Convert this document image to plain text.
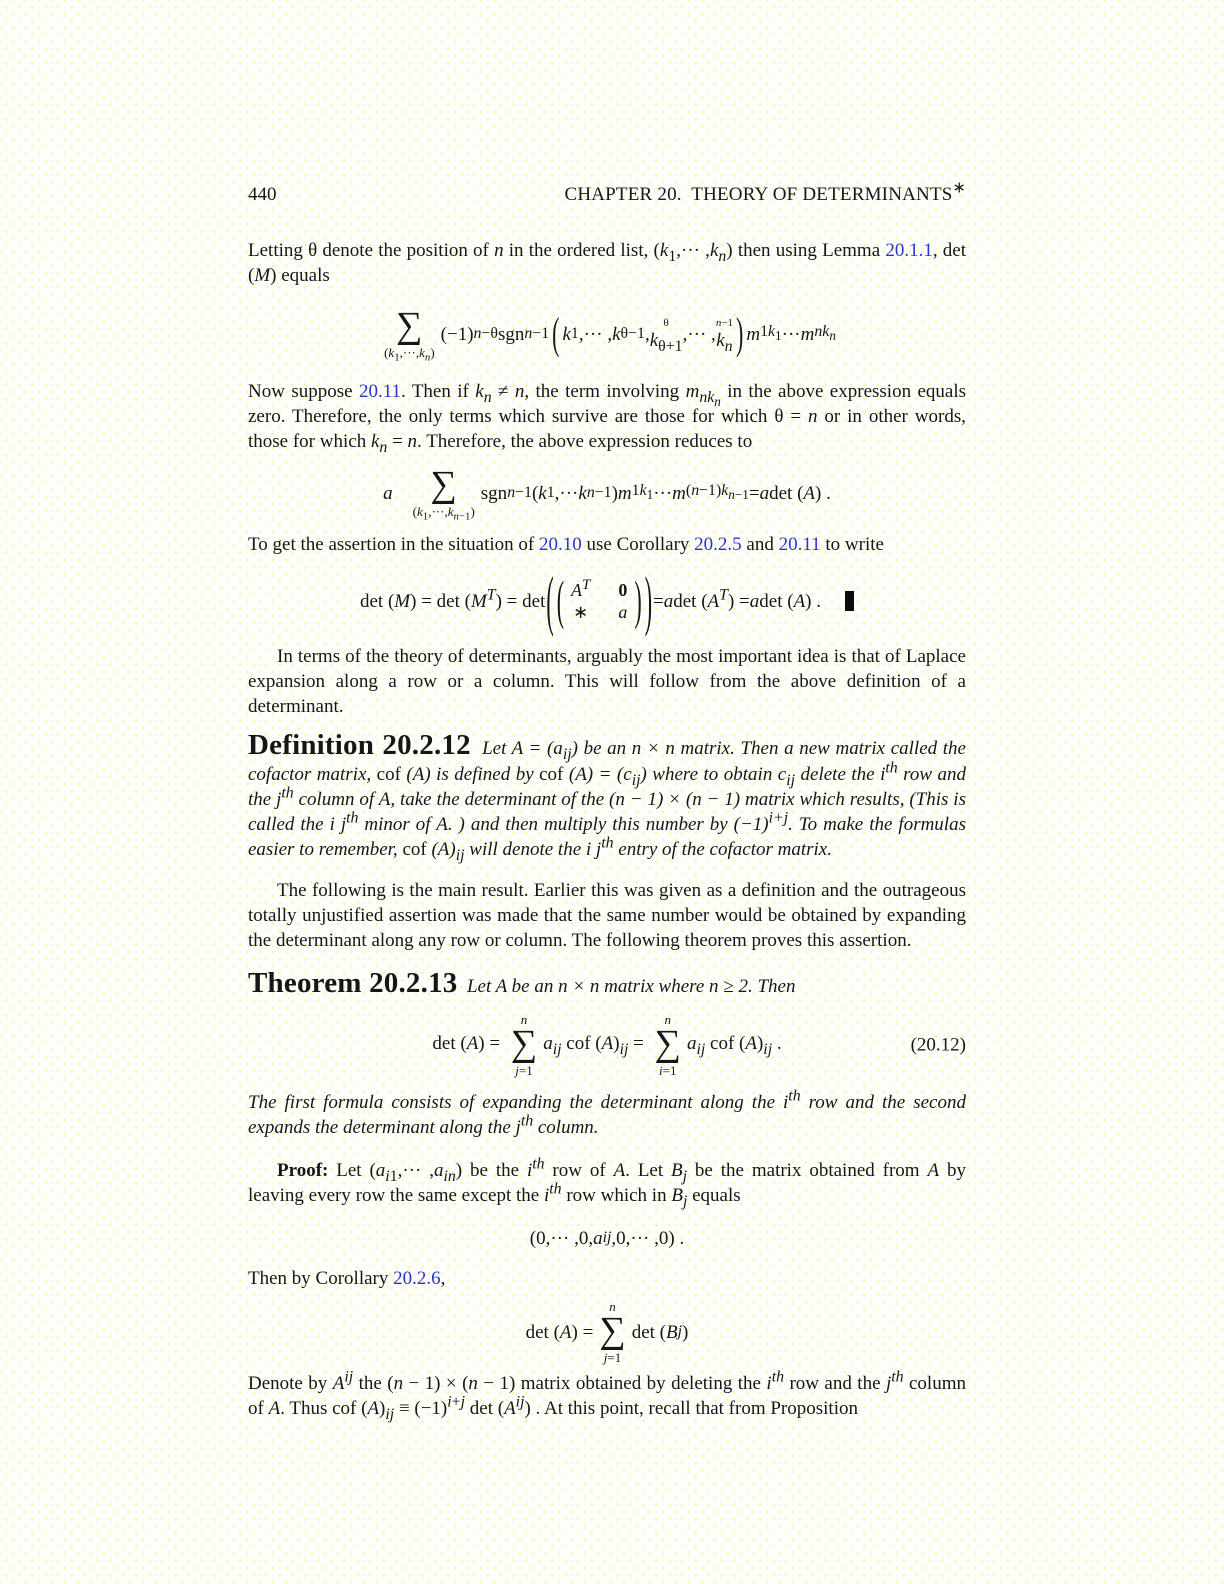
440	CHAPTER 20.  THEORY OF DETERMINANTS∗

Letting θ denote the position of n in the ordered list, $(k_1,\cdot\cdot\cdot ,k_n)$ then using Lemma 20.1.1, det (M) equals

∑
$(k_1,\cdot\cdot\cdot,k_n)$
(−1) n−θ sgn n−1 ( k 1 ,··· , k θ−1 ,
θ
$k_{\theta+1}$
,··· ,
n−1
$k_n$ ) m $1k_1$ ··· m $nk_n$

Now suppose 20.11. Then if $k_n \ne n$, the term involving $m_{nk_n}$ in the above expression equals zero. Therefore, the only terms which survive are those for which θ = n or in other words, those for which $k_n = n$. Therefore, the above expression reduces to

a ∑
$(k_1,\cdot\cdot\cdot,k_{n-1})$
sgn n−1 ( k 1 ,··· k n−1 ) m $1k_1$ ··· m $(n-1)k_{n-1} = a$ det ( A ) .

To get the assertion in the situation of 20.10 use Corollary 20.2.5 and 20.11 to write

det ( M ) = det ( $M^T$ ) = det ( ( $A^T$ 0
∗ a ) ) = a det ( $A^T$ ) = a det ( A ) .

In terms of the theory of determinants, arguably the most important idea is that of Laplace expansion along a row or a column. This will follow from the above definition of a determinant.

Definition 20.2.12 Let $A = (a_{ij})$ be an n × n matrix. Then a new matrix called the cofactor matrix, cof (A) is defined by cof $(A) = (c_{ij})$ where to obtain $c_{ij}$ delete the $i^{th}$ row and the $j^{th}$ column of A, take the determinant of the (n − 1) × (n − 1) matrix which results, (This is called the i $j^{th}$ minor of A. ) and then multiply this number by $(-1)^{i+j}$. To make the formulas easier to remember, cof $(A)_{ij}$ will denote the i $j^{th}$ entry of the cofactor matrix.

The following is the main result. Earlier this was given as a definition and the outrageous totally unjustified assertion was made that the same number would be obtained by expanding the determinant along any row or column. The following theorem proves this assertion.

Theorem 20.2.13 Let A be an n × n matrix where n ≥ 2. Then

det (A) =
n
∑
j=1
$a_{ij}$ cof $(A)_{ij}$ =
n
∑
i=1
$a_{ij}$ cof $(A)_{ij}$ .	(20.12)

The first formula consists of expanding the determinant along the $i^{th}$ row and the second expands the determinant along the $j^{th}$ column.

Proof: Let $(a_{i1},\cdot\cdot\cdot ,a_{in})$ be the $i^{th}$ row of A. Let $B_j$ be the matrix obtained from A by leaving every row the same except the $i^{th}$ row which in $B_j$ equals

(0,··· ,0, a ij ,0,··· ,0) .

Then by Corollary 20.2.6,

det ( A ) =
n
∑
j=1
det ( B j )

Denote by $A^{ij}$ the (n − 1) × (n − 1) matrix obtained by deleting the $i^{th}$ row and the $j^{th}$ column of A. Thus cof $(A)_{ij} \equiv (-1)^{i+j}$ $\det (A^{ij})$ . At this point, recall that from Proposition
